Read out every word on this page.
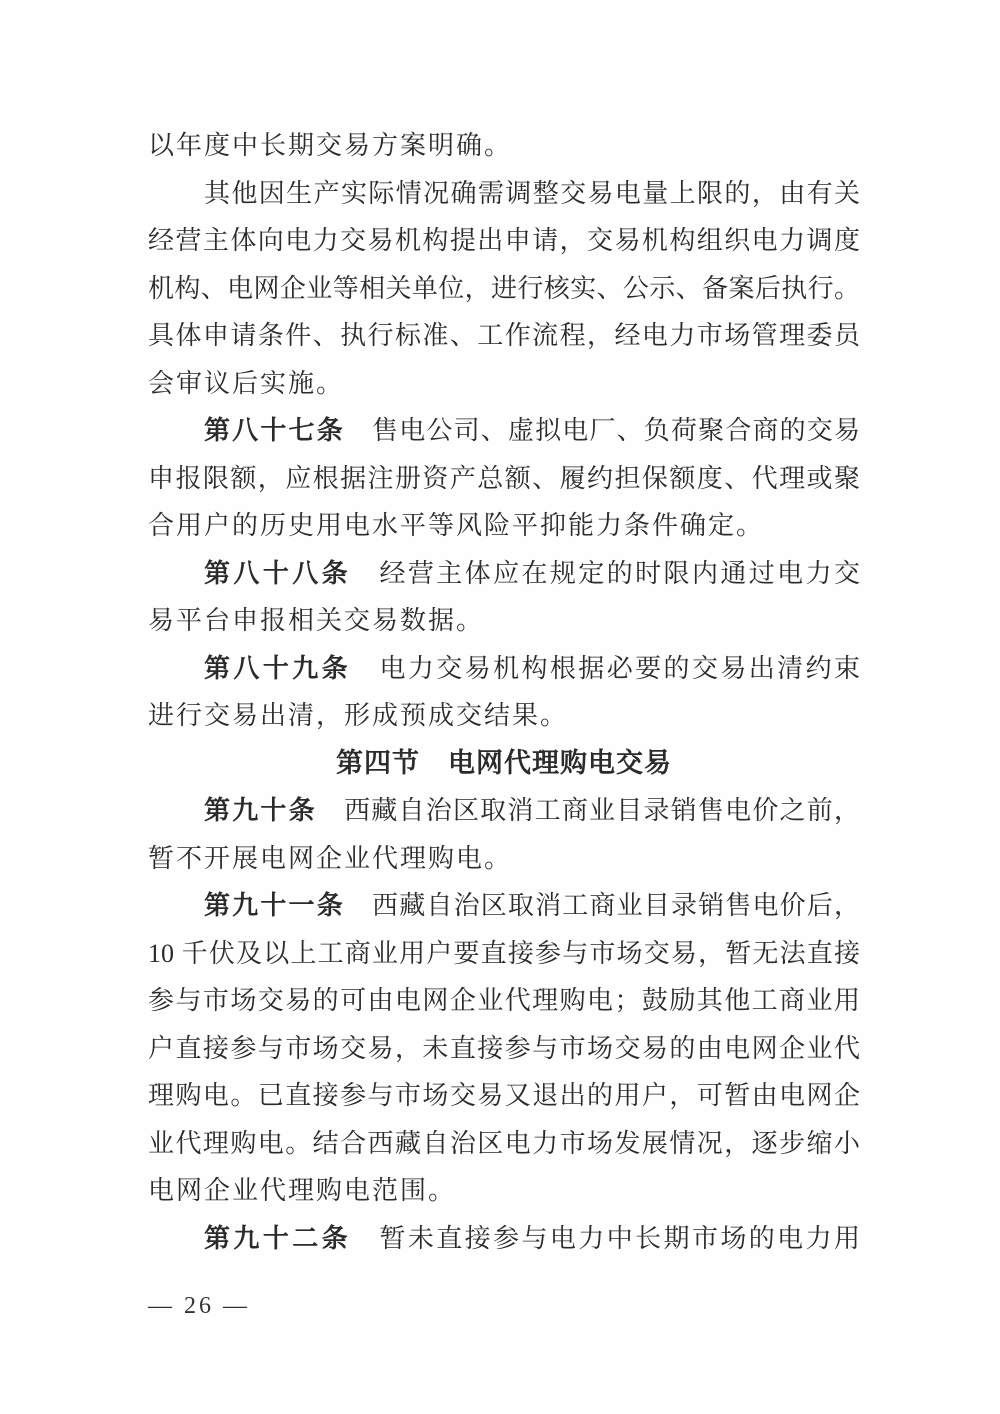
以年度中长期交易方案明确。
其他因生产实际情况确需调整交易电量上限的，由有关
经营主体向电力交易机构提出申请，交易机构组织电力调度
机构、电网企业等相关单位，进行核实、公示、备案后执行。
具体申请条件、执行标准、工作流程，经电力市场管理委员
会审议后实施。
第八十七条　售电公司、虚拟电厂、负荷聚合商的交易
申报限额，应根据注册资产总额、履约担保额度、代理或聚
合用户的历史用电水平等风险平抑能力条件确定。
第八十八条　经营主体应在规定的时限内通过电力交
易平台申报相关交易数据。
第八十九条　电力交易机构根据必要的交易出清约束
进行交易出清，形成预成交结果。
第四节　电网代理购电交易
第九十条　西藏自治区取消工商业目录销售电价之前，
暂不开展电网企业代理购电。
第九十一条　西藏自治区取消工商业目录销售电价后，
10 千伏及以上工商业用户要直接参与市场交易，暂无法直接
参与市场交易的可由电网企业代理购电；鼓励其他工商业用
户直接参与市场交易，未直接参与市场交易的由电网企业代
理购电。已直接参与市场交易又退出的用户，可暂由电网企
业代理购电。结合西藏自治区电力市场发展情况，逐步缩小
电网企业代理购电范围。
第九十二条　暂未直接参与电力中长期市场的电力用
— 26 —
